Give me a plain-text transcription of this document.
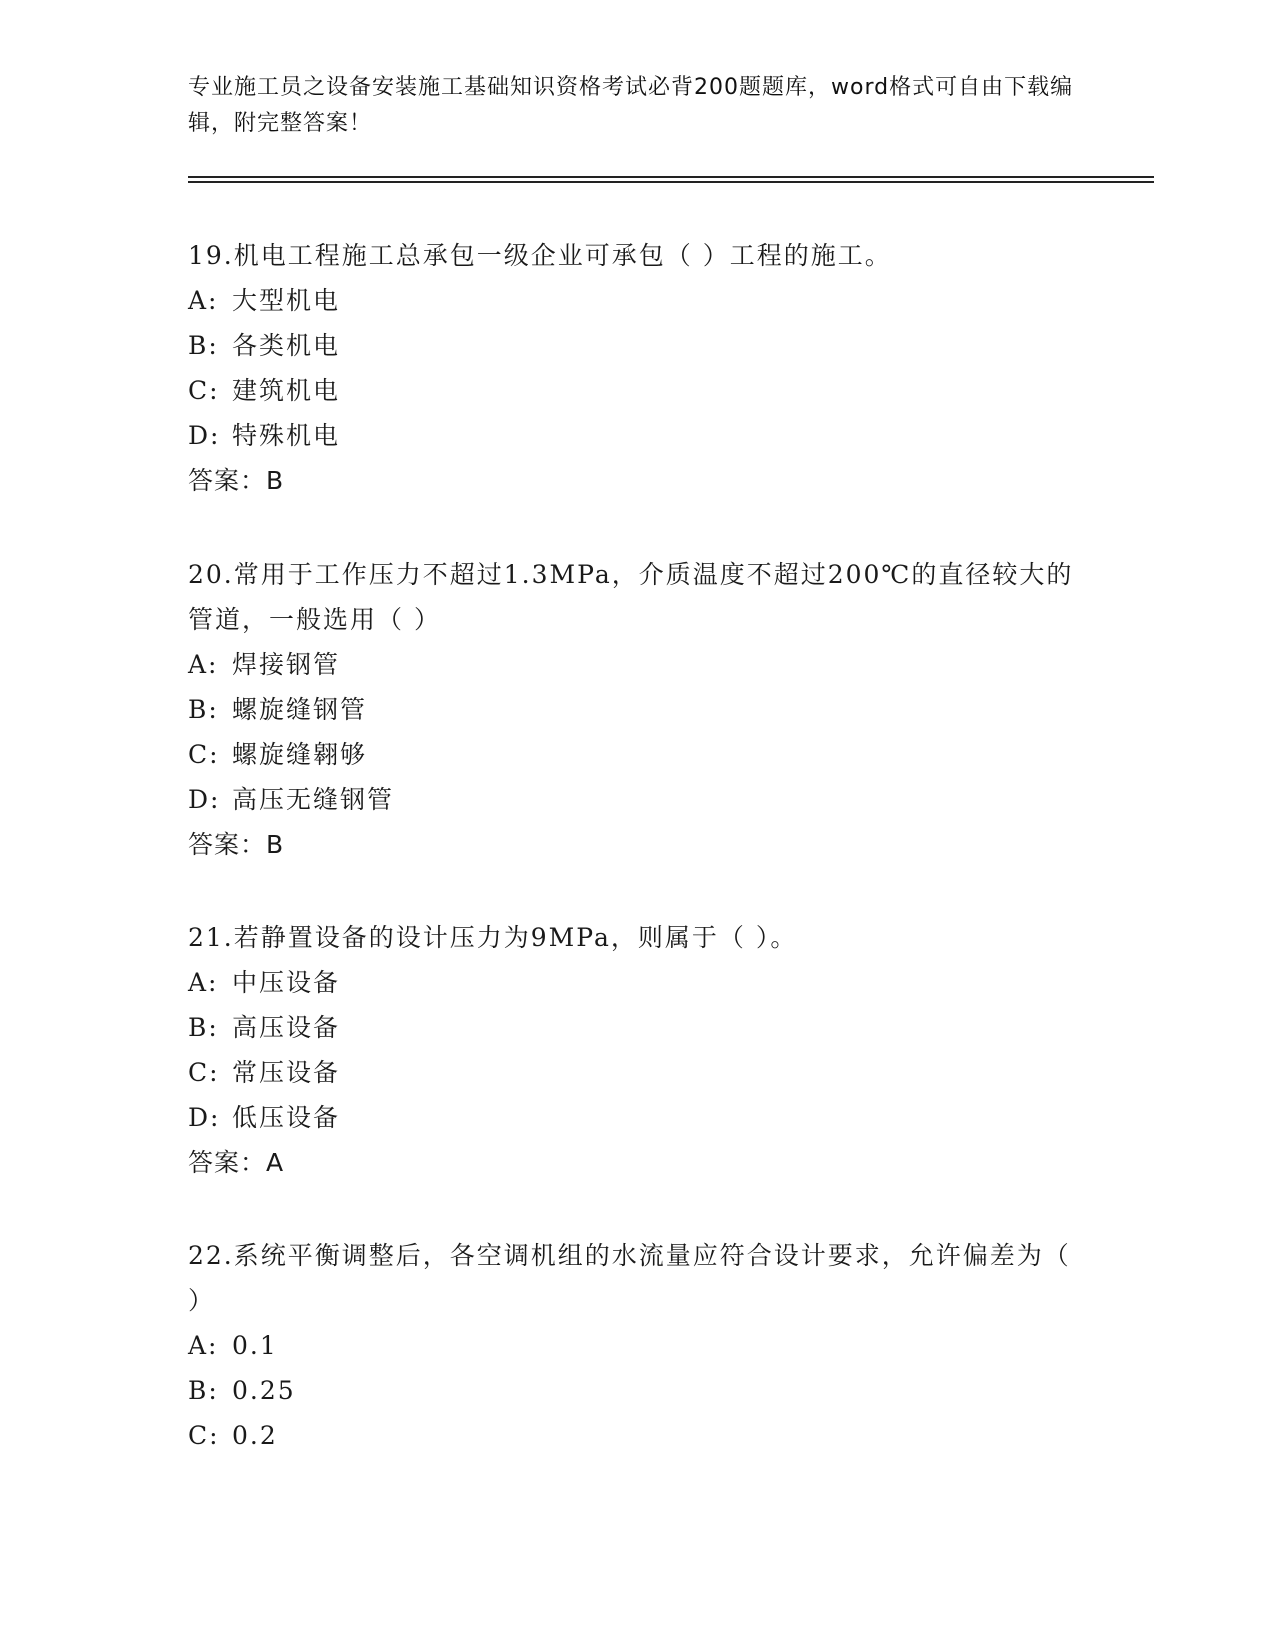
专业施工员之设备安装施工基础知识资格考试必背200题题库，word格式可自由下载编辑，附完整答案！
19.机电工程施工总承包一级企业可承包（ ）工程的施工。
A: 大型机电
B: 各类机电
C: 建筑机电
D: 特殊机电
答案：B
20.常用于工作压力不超过1.3MPa，介质温度不超过200℃的直径较大的管道，一般选用（ ）
A: 焊接钢管
B: 螺旋缝钢管
C: 螺旋缝翱够
D: 高压无缝钢管
答案：B
21.若静置设备的设计压力为9MPa，则属于（ ）。
A: 中压设备
B: 高压设备
C: 常压设备
D: 低压设备
答案：A
22.系统平衡调整后，各空调机组的水流量应符合设计要求，允许偏差为（ ）
A: 0.1
B: 0.25
C: 0.2
